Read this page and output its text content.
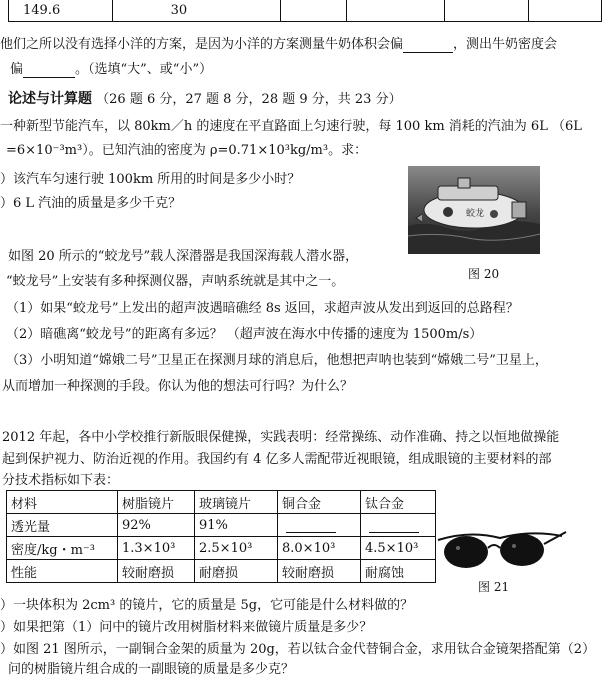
149.6	30				
他们之所以没有选择小洋的方案，是因为小洋的方案测量牛奶体积会偏	，测出牛奶密度会
偏	。（选填“大”、或“小”）
论述与计算题 （26 题 6 分，27 题 8 分，28 题 9 分，共 23 分）
一种新型节能汽车，以 80km／h 的速度在平直路面上匀速行驶，每 100 km 消耗的汽油为 6L （6L
=6×10⁻³m³）。已知汽油的密度为 ρ=0.71×10³kg/m³。求：
）该汽车匀速行驶 100km 所用的时间是多少小时？
）6 L 汽油的质量是多少千克？
蛟龙
图 20
如图 20 所示的“蛟龙号”载人深潜器是我国深海载人潜水器，
“蛟龙号”上安装有多种探测仪器，声呐系统就是其中之一。
（1）如果“蛟龙号”上发出的超声波遇暗礁经 8s 返回，求超声波从发出到返回的总路程？
（2）暗礁离“蛟龙号”的距离有多远？ （超声波在海水中传播的速度为 1500m/s）
（3）小明知道“嫦娥二号”卫星正在探测月球的消息后，他想把声呐也装到“嫦娥二号”卫星上，
从而增加一种探测的手段。你认为他的想法可行吗？为什么？
2012 年起，各中小学校推行新版眼保健操，实践表明：经常操练、动作准确、持之以恒地做操能
起到保护视力、防治近视的作用。我国约有 4 亿多人需配带近视眼镜，组成眼镜的主要材料的部
分技术指标如下表：
材料	树脂镜片	玻璃镜片	铜合金	钛合金
透光量	92%	91%		
密度/kg・m⁻³	1.3×10³	2.5×10³	8.0×10³	4.5×10³
性能	较耐磨损	耐磨损	较耐磨损	耐腐蚀
图 21
）一块体积为 2cm³ 的镜片，它的质量是 5g，它可能是什么材料做的？
）如果把第（1）问中的镜片改用树脂材料来做镜片质量是多少？
）如图 21 图所示，一副铜合金架的质量为 20g，若以钛合金代替铜合金，求用钛合金镜架搭配第（2）
问的树脂镜片组合成的一副眼镜的质量是多少克？
